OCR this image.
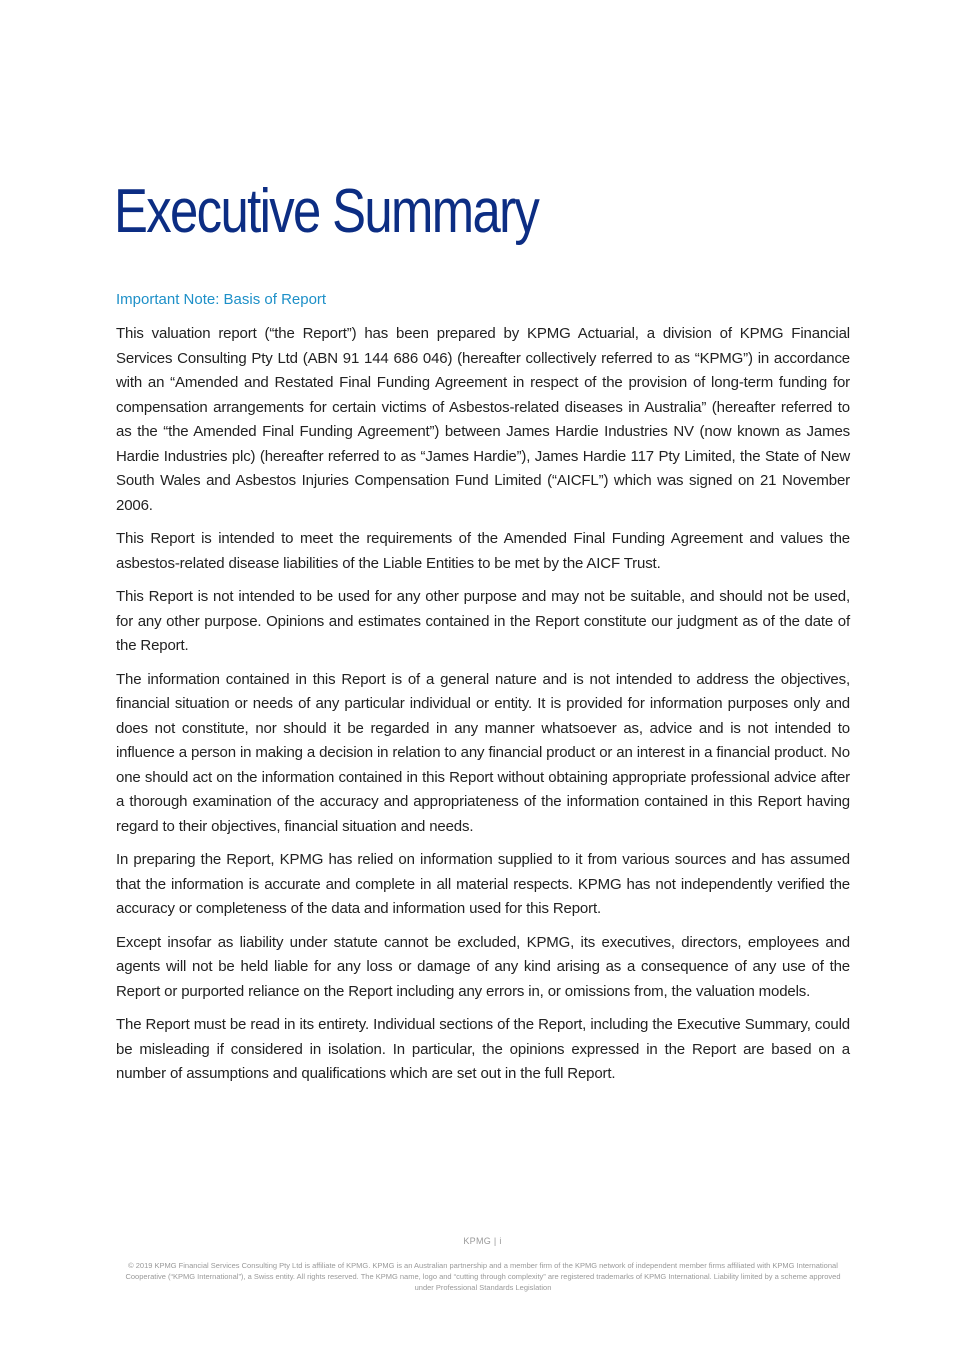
Executive Summary
Important Note: Basis of Report

This valuation report (“the Report”) has been prepared by KPMG Actuarial, a division of KPMG Financial Services Consulting Pty Ltd (ABN 91 144 686 046) (hereafter collectively referred to as “KPMG”) in accordance with an “Amended and Restated Final Funding Agreement in respect of the provision of long-term funding for compensation arrangements for certain victims of Asbestos-related diseases in Australia” (hereafter referred to as the “the Amended Final Funding Agreement”) between James Hardie Industries NV (now known as James Hardie Industries plc) (hereafter referred to as “James Hardie”), James Hardie 117 Pty Limited, the State of New South Wales and Asbestos Injuries Compensation Fund Limited (“AICFL”) which was signed on 21 November 2006.

This Report is intended to meet the requirements of the Amended Final Funding Agreement and values the asbestos-related disease liabilities of the Liable Entities to be met by the AICF Trust.

This Report is not intended to be used for any other purpose and may not be suitable, and should not be used, for any other purpose. Opinions and estimates contained in the Report constitute our judgment as of the date of the Report.

The information contained in this Report is of a general nature and is not intended to address the objectives, financial situation or needs of any particular individual or entity. It is provided for information purposes only and does not constitute, nor should it be regarded in any manner whatsoever as, advice and is not intended to influence a person in making a decision in relation to any financial product or an interest in a financial product. No one should act on the information contained in this Report without obtaining appropriate professional advice after a thorough examination of the accuracy and appropriateness of the information contained in this Report having regard to their objectives, financial situation and needs.

In preparing the Report, KPMG has relied on information supplied to it from various sources and has assumed that the information is accurate and complete in all material respects. KPMG has not independently verified the accuracy or completeness of the data and information used for this Report.

Except insofar as liability under statute cannot be excluded, KPMG, its executives, directors, employees and agents will not be held liable for any loss or damage of any kind arising as a consequence of any use of the Report or purported reliance on the Report including any errors in, or omissions from, the valuation models.

The Report must be read in its entirety. Individual sections of the Report, including the Executive Summary, could be misleading if considered in isolation. In particular, the opinions expressed in the Report are based on a number of assumptions and qualifications which are set out in the full Report.

KPMG | i
© 2019 KPMG Financial Services Consulting Pty Ltd is affiliate of KPMG. KPMG is an Australian partnership and a member firm of the KPMG network of independent member firms affiliated with KPMG International Cooperative (“KPMG International”), a Swiss entity. All rights reserved. The KPMG name, logo and “cutting through complexity” are registered trademarks of KPMG International. Liability limited by a scheme approved under Professional Standards Legislation
